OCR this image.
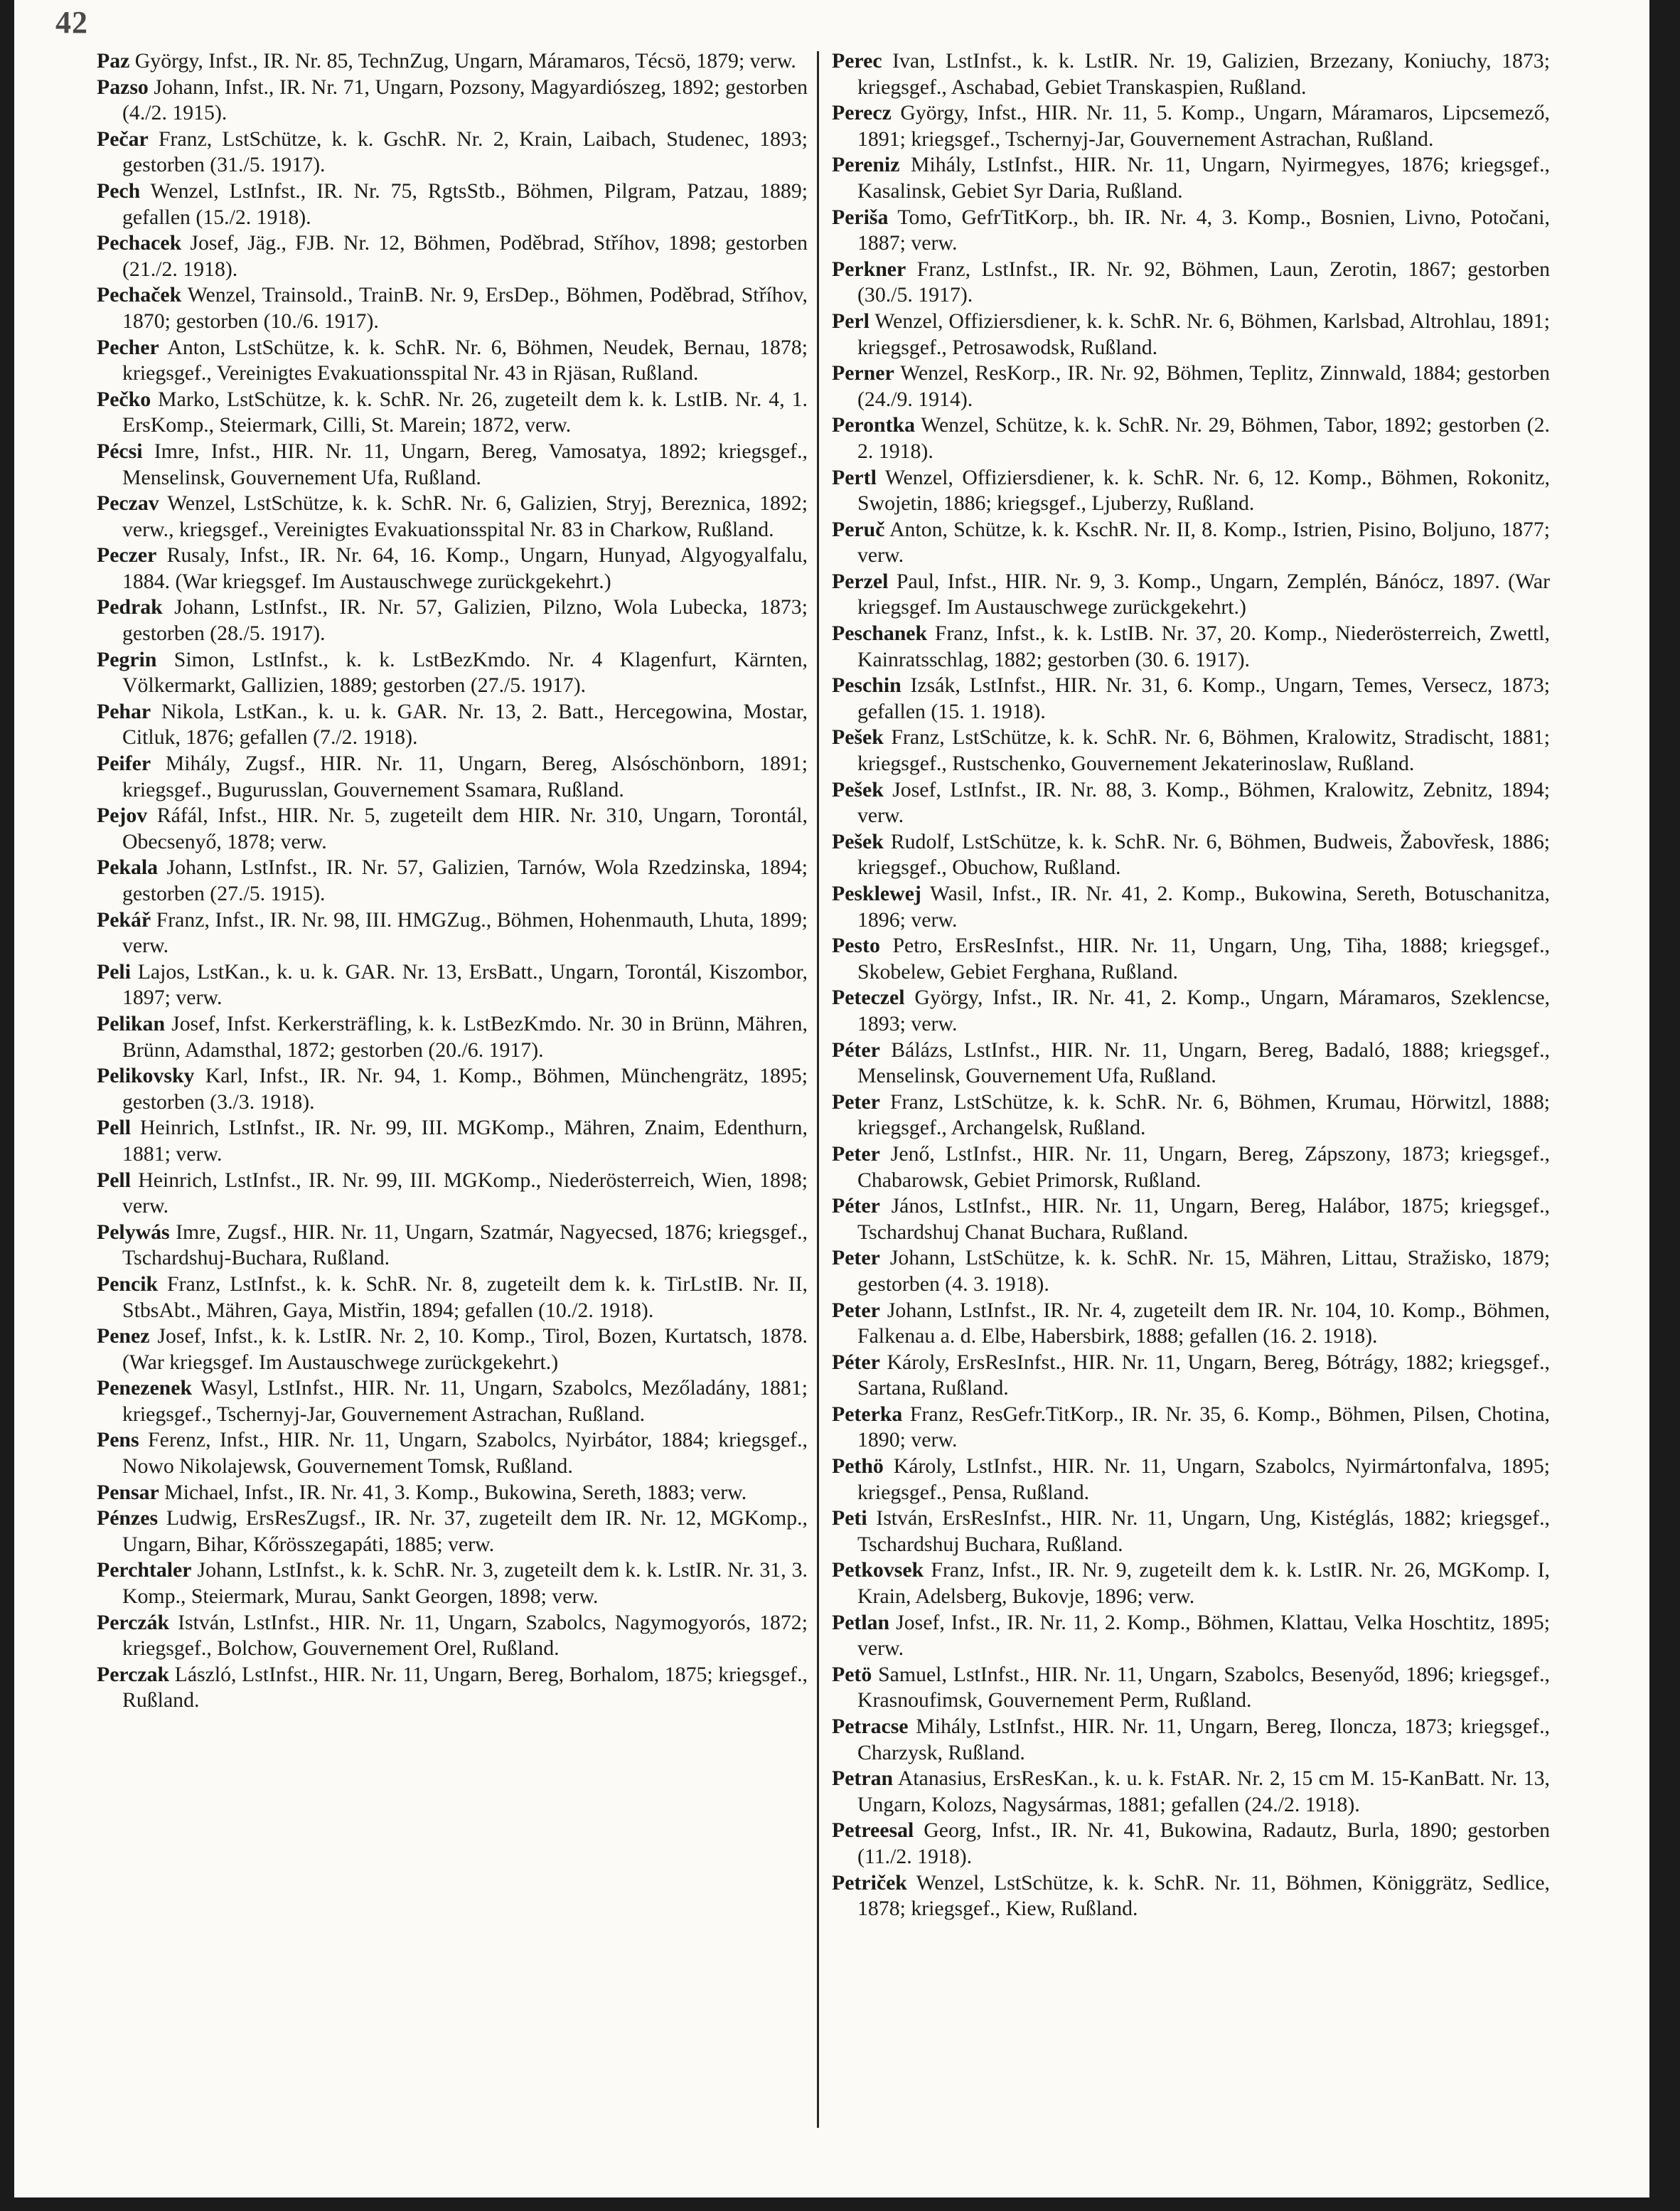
42

Paz György, Infst., IR. Nr. 85, TechnZug, Ungarn, Máramaros, Técsö, 1879; verw.

Pazso Johann, Infst., IR. Nr. 71, Ungarn, Pozsony, Magyardiószeg, 1892; gestorben (4./2. 1915).

Pečar Franz, LstSchütze, k. k. GschR. Nr. 2, Krain, Laibach, Studenec, 1893; gestorben (31./5. 1917).

Pech Wenzel, LstInfst., IR. Nr. 75, RgtsStb., Böhmen, Pilgram, Patzau, 1889; gefallen (15./2. 1918).

Pechacek Josef, Jäg., FJB. Nr. 12, Böhmen, Poděbrad, Stříhov, 1898; gestorben (21./2. 1918).

Pechaček Wenzel, Trainsold., TrainB. Nr. 9, ErsDep., Böhmen, Poděbrad, Stříhov, 1870; gestorben (10./6. 1917).

Pecher Anton, LstSchütze, k. k. SchR. Nr. 6, Böhmen, Neudek, Bernau, 1878; kriegsgef., Vereinigtes Evakuationsspital Nr. 43 in Rjäsan, Rußland.

Pečko Marko, LstSchütze, k. k. SchR. Nr. 26, zugeteilt dem k. k. LstIB. Nr. 4, 1. ErsKomp., Steiermark, Cilli, St. Marein; 1872, verw.

Pécsi Imre, Infst., HIR. Nr. 11, Ungarn, Bereg, Vamosatya, 1892; kriegsgef., Menselinsk, Gouvernement Ufa, Rußland.

Peczav Wenzel, LstSchütze, k. k. SchR. Nr. 6, Galizien, Stryj, Bereznica, 1892; verw., kriegsgef., Vereinigtes Evakuationsspital Nr. 83 in Charkow, Rußland.

Peczer Rusaly, Infst., IR. Nr. 64, 16. Komp., Ungarn, Hunyad, Algyogyalfalu, 1884. (War kriegsgef. Im Austauschwege zurückgekehrt.)

Pedrak Johann, LstInfst., IR. Nr. 57, Galizien, Pilzno, Wola Lubecka, 1873; gestorben (28./5. 1917).

Pegrin Simon, LstInfst., k. k. LstBezKmdo. Nr. 4 Klagenfurt, Kärnten, Völkermarkt, Gallizien, 1889; gestorben (27./5. 1917).

Pehar Nikola, LstKan., k. u. k. GAR. Nr. 13, 2. Batt., Hercegowina, Mostar, Citluk, 1876; gefallen (7./2. 1918).

Peifer Mihály, Zugsf., HIR. Nr. 11, Ungarn, Bereg, Alsóschönborn, 1891; kriegsgef., Bugurusslan, Gouvernement Ssamara, Rußland.

Pejov Ráfál, Infst., HIR. Nr. 5, zugeteilt dem HIR. Nr. 310, Ungarn, Torontál, Obecsenyő, 1878; verw.

Pekala Johann, LstInfst., IR. Nr. 57, Galizien, Tarnów, Wola Rzedzinska, 1894; gestorben (27./5. 1915).

Pekář Franz, Infst., IR. Nr. 98, III. HMGZug., Böhmen, Hohenmauth, Lhuta, 1899; verw.

Peli Lajos, LstKan., k. u. k. GAR. Nr. 13, ErsBatt., Ungarn, Torontál, Kiszombor, 1897; verw.

Pelikan Josef, Infst. Kerkersträfling, k. k. LstBezKmdo. Nr. 30 in Brünn, Mähren, Brünn, Adamsthal, 1872; gestorben (20./6. 1917).

Pelikovsky Karl, Infst., IR. Nr. 94, 1. Komp., Böhmen, Münchengrätz, 1895; gestorben (3./3. 1918).

Pell Heinrich, LstInfst., IR. Nr. 99, III. MGKomp., Mähren, Znaim, Edenthurn, 1881; verw.

Pell Heinrich, LstInfst., IR. Nr. 99, III. MGKomp., Niederösterreich, Wien, 1898; verw.

Pelywás Imre, Zugsf., HIR. Nr. 11, Ungarn, Szatmár, Nagyecsed, 1876; kriegsgef., Tschardshuj-Buchara, Rußland.

Pencik Franz, LstInfst., k. k. SchR. Nr. 8, zugeteilt dem k. k. TirLstIB. Nr. II, StbsAbt., Mähren, Gaya, Mistřin, 1894; gefallen (10./2. 1918).

Penez Josef, Infst., k. k. LstIR. Nr. 2, 10. Komp., Tirol, Bozen, Kurtatsch, 1878. (War kriegsgef. Im Austauschwege zurückgekehrt.)

Penezenek Wasyl, LstInfst., HIR. Nr. 11, Ungarn, Szabolcs, Mezőladány, 1881; kriegsgef., Tschernyj-Jar, Gouvernement Astrachan, Rußland.

Pens Ferenz, Infst., HIR. Nr. 11, Ungarn, Szabolcs, Nyirbátor, 1884; kriegsgef., Nowo Nikolajewsk, Gouvernement Tomsk, Rußland.

Pensar Michael, Infst., IR. Nr. 41, 3. Komp., Bukowina, Sereth, 1883; verw.

Pénzes Ludwig, ErsResZugsf., IR. Nr. 37, zugeteilt dem IR. Nr. 12, MGKomp., Ungarn, Bihar, Kőrösszegapáti, 1885; verw.

Perchtaler Johann, LstInfst., k. k. SchR. Nr. 3, zugeteilt dem k. k. LstIR. Nr. 31, 3. Komp., Steiermark, Murau, Sankt Georgen, 1898; verw.

Perczák István, LstInfst., HIR. Nr. 11, Ungarn, Szabolcs, Nagymogyorós, 1872; kriegsgef., Bolchow, Gouvernement Orel, Rußland.

Perczak László, LstInfst., HIR. Nr. 11, Ungarn, Bereg, Borhalom, 1875; kriegsgef., Rußland.

Perec Ivan, LstInfst., k. k. LstIR. Nr. 19, Galizien, Brzezany, Koniuchy, 1873; kriegsgef., Aschabad, Gebiet Transkaspien, Rußland.

Perecz György, Infst., HIR. Nr. 11, 5. Komp., Ungarn, Máramaros, Lipcsemező, 1891; kriegsgef., Tschernyj-Jar, Gouvernement Astrachan, Rußland.

Pereniz Mihály, LstInfst., HIR. Nr. 11, Ungarn, Nyirmegyes, 1876; kriegsgef., Kasalinsk, Gebiet Syr Daria, Rußland.

Periša Tomo, GefrTitKorp., bh. IR. Nr. 4, 3. Komp., Bosnien, Livno, Potočani, 1887; verw.

Perkner Franz, LstInfst., IR. Nr. 92, Böhmen, Laun, Zerotin, 1867; gestorben (30./5. 1917).

Perl Wenzel, Offiziersdiener, k. k. SchR. Nr. 6, Böhmen, Karlsbad, Altrohlau, 1891; kriegsgef., Petrosawodsk, Rußland.

Perner Wenzel, ResKorp., IR. Nr. 92, Böhmen, Teplitz, Zinnwald, 1884; gestorben (24./9. 1914).

Perontka Wenzel, Schütze, k. k. SchR. Nr. 29, Böhmen, Tabor, 1892; gestorben (2. 2. 1918).

Pertl Wenzel, Offiziersdiener, k. k. SchR. Nr. 6, 12. Komp., Böhmen, Rokonitz, Swojetin, 1886; kriegsgef., Ljuberzy, Rußland.

Peruč Anton, Schütze, k. k. KschR. Nr. II, 8. Komp., Istrien, Pisino, Boljuno, 1877; verw.

Perzel Paul, Infst., HIR. Nr. 9, 3. Komp., Ungarn, Zemplén, Bánócz, 1897. (War kriegsgef. Im Austauschwege zurückgekehrt.)

Peschanek Franz, Infst., k. k. LstIB. Nr. 37, 20. Komp., Niederösterreich, Zwettl, Kainratsschlag, 1882; gestorben (30. 6. 1917).

Peschin Izsák, LstInfst., HIR. Nr. 31, 6. Komp., Ungarn, Temes, Versecz, 1873; gefallen (15. 1. 1918).

Pešek Franz, LstSchütze, k. k. SchR. Nr. 6, Böhmen, Kralowitz, Stradischt, 1881; kriegsgef., Rustschenko, Gouvernement Jekaterinoslaw, Rußland.

Pešek Josef, LstInfst., IR. Nr. 88, 3. Komp., Böhmen, Kralowitz, Zebnitz, 1894; verw.

Pešek Rudolf, LstSchütze, k. k. SchR. Nr. 6, Böhmen, Budweis, Žabovřesk, 1886; kriegsgef., Obuchow, Rußland.

Pesklewej Wasil, Infst., IR. Nr. 41, 2. Komp., Bukowina, Sereth, Botuschanitza, 1896; verw.

Pesto Petro, ErsResInfst., HIR. Nr. 11, Ungarn, Ung, Tiha, 1888; kriegsgef., Skobelew, Gebiet Ferghana, Rußland.

Peteczel György, Infst., IR. Nr. 41, 2. Komp., Ungarn, Máramaros, Szeklencse, 1893; verw.

Péter Bálázs, LstInfst., HIR. Nr. 11, Ungarn, Bereg, Badaló, 1888; kriegsgef., Menselinsk, Gouvernement Ufa, Rußland.

Peter Franz, LstSchütze, k. k. SchR. Nr. 6, Böhmen, Krumau, Hörwitzl, 1888; kriegsgef., Archangelsk, Rußland.

Peter Jenő, LstInfst., HIR. Nr. 11, Ungarn, Bereg, Zápszony, 1873; kriegsgef., Chabarowsk, Gebiet Primorsk, Rußland.

Péter János, LstInfst., HIR. Nr. 11, Ungarn, Bereg, Halábor, 1875; kriegsgef., Tschardshuj Chanat Buchara, Rußland.

Peter Johann, LstSchütze, k. k. SchR. Nr. 15, Mähren, Littau, Stražisko, 1879; gestorben (4. 3. 1918).

Peter Johann, LstInfst., IR. Nr. 4, zugeteilt dem IR. Nr. 104, 10. Komp., Böhmen, Falkenau a. d. Elbe, Habersbirk, 1888; gefallen (16. 2. 1918).

Péter Károly, ErsResInfst., HIR. Nr. 11, Ungarn, Bereg, Bótrágy, 1882; kriegsgef., Sartana, Rußland.

Peterka Franz, ResGefr.TitKorp., IR. Nr. 35, 6. Komp., Böhmen, Pilsen, Chotina, 1890; verw.

Pethö Károly, LstInfst., HIR. Nr. 11, Ungarn, Szabolcs, Nyirmártonfalva, 1895; kriegsgef., Pensa, Rußland.

Peti István, ErsResInfst., HIR. Nr. 11, Ungarn, Ung, Kistéglás, 1882; kriegsgef., Tschardshuj Buchara, Rußland.

Petkovsek Franz, Infst., IR. Nr. 9, zugeteilt dem k. k. LstIR. Nr. 26, MGKomp. I, Krain, Adelsberg, Bukovje, 1896; verw.

Petlan Josef, Infst., IR. Nr. 11, 2. Komp., Böhmen, Klattau, Velka Hoschtitz, 1895; verw.

Petö Samuel, LstInfst., HIR. Nr. 11, Ungarn, Szabolcs, Besenyőd, 1896; kriegsgef., Krasnoufimsk, Gouvernement Perm, Rußland.

Petracse Mihály, LstInfst., HIR. Nr. 11, Ungarn, Bereg, Iloncza, 1873; kriegsgef., Charzysk, Rußland.

Petran Atanasius, ErsResKan., k. u. k. FstAR. Nr. 2, 15 cm M. 15-KanBatt. Nr. 13, Ungarn, Kolozs, Nagysármas, 1881; gefallen (24./2. 1918).

Petreesal Georg, Infst., IR. Nr. 41, Bukowina, Radautz, Burla, 1890; gestorben (11./2. 1918).

Petriček Wenzel, LstSchütze, k. k. SchR. Nr. 11, Böhmen, Königgrätz, Sedlice, 1878; kriegsgef., Kiew, Rußland.
